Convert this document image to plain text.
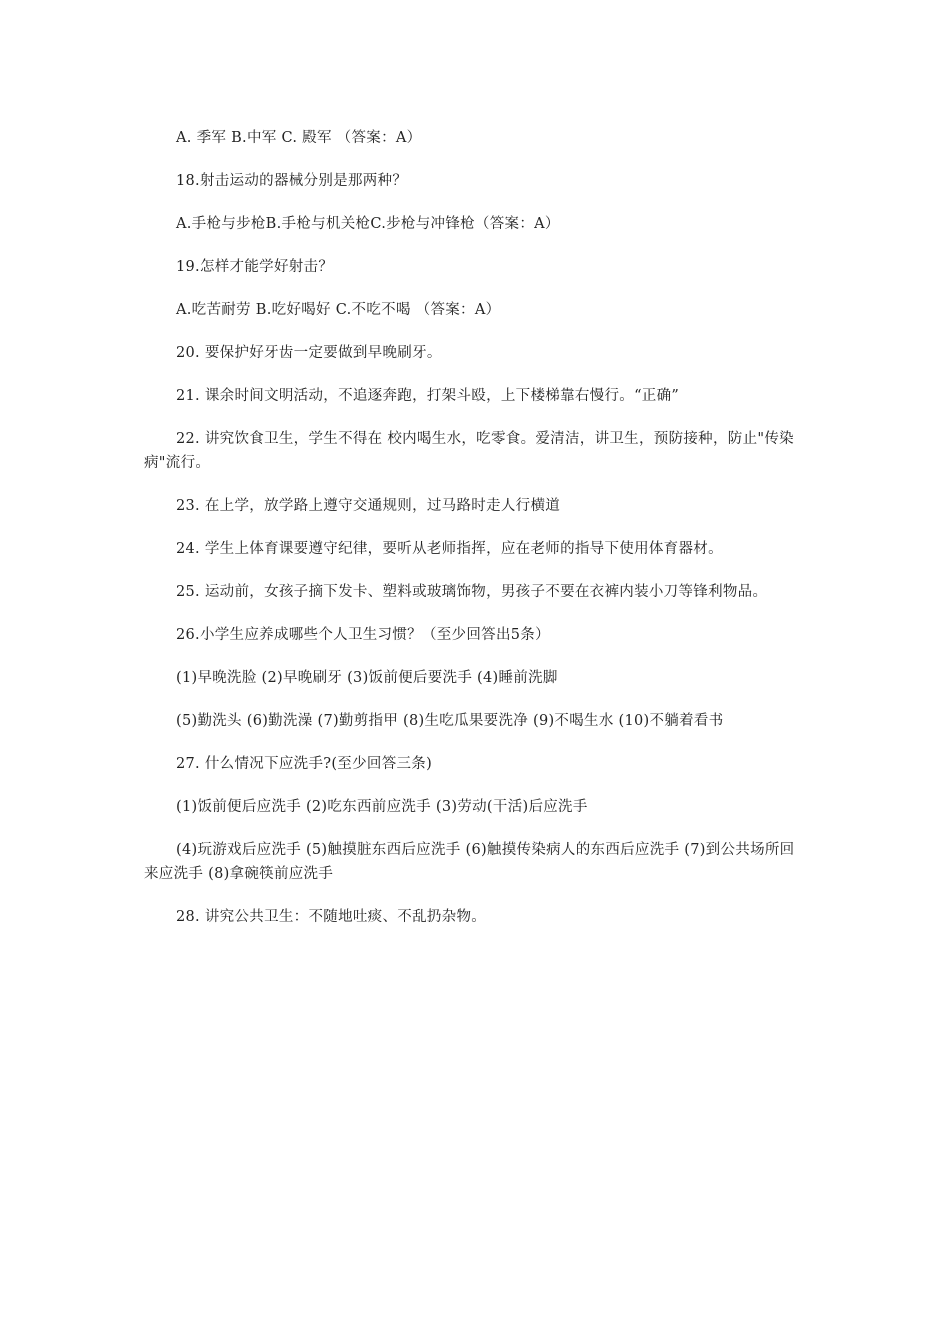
A. 季军 B.中军 C. 殿军 （答案：A）

18.射击运动的器械分别是那两种？

A.手枪与步枪B.手枪与机关枪C.步枪与冲锋枪（答案：A）

19.怎样才能学好射击？

A.吃苦耐劳 B.吃好喝好 C.不吃不喝 （答案：A）

20. 要保护好牙齿一定要做到早晚刷牙。

21. 课余时间文明活动，不追逐奔跑，打架斗殴，上下楼梯靠右慢行。“正确”

22. 讲究饮食卫生，学生不得在 校内喝生水，吃零食。爱清洁，讲卫生，预防接种，防止"传染病"流行。

23. 在上学，放学路上遵守交通规则，过马路时走人行横道

24. 学生上体育课要遵守纪律，要听从老师指挥，应在老师的指导下使用体育器材。

25. 运动前，女孩子摘下发卡、塑料或玻璃饰物，男孩子不要在衣裤内装小刀等锋利物品。

26.小学生应养成哪些个人卫生习惯？（至少回答出5条）

(1)早晚洗脸 (2)早晚刷牙 (3)饭前便后要洗手 (4)睡前洗脚

(5)勤洗头 (6)勤洗澡 (7)勤剪指甲 (8)生吃瓜果要洗净 (9)不喝生水 (10)不躺着看书

27. 什么情况下应洗手?(至少回答三条)

(1)饭前便后应洗手 (2)吃东西前应洗手 (3)劳动(干活)后应洗手

(4)玩游戏后应洗手 (5)触摸脏东西后应洗手 (6)触摸传染病人的东西后应洗手 (7)到公共场所回来应洗手 (8)拿碗筷前应洗手

28. 讲究公共卫生：不随地吐痰、不乱扔杂物。
